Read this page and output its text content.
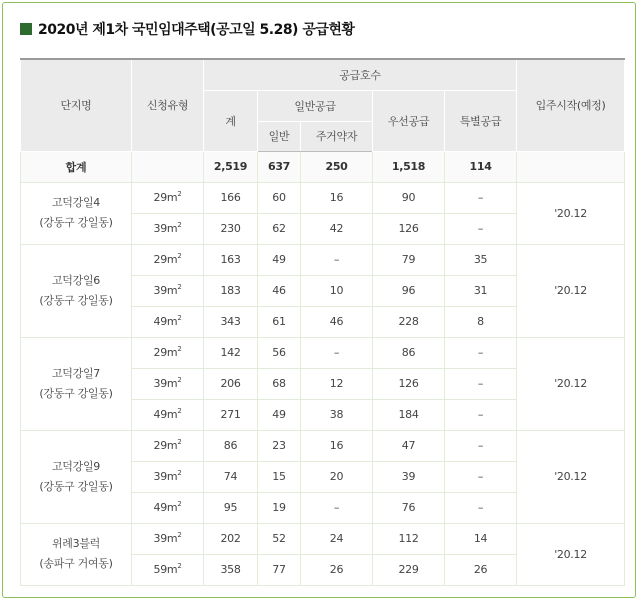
2020년 제1차 국민임대주택(공고일 5.28) 공급현황
단지명	신청유형	공급호수					입주시작(예정)
		계	일반공급		우선공급	특별공급	
			일반	주거약자			
합계		2,519	637	250	1,518	114	
고덕강일4
(강동구 강일동)	$29m^2$	166	60	16	90	–	'20.12
	$39m^2$	230	62	42	126	–	
고덕강일6
(강동구 강일동)	$29m^2$	163	49	–	79	35	'20.12
	$39m^2$	183	46	10	96	31	
	$49m^2$	343	61	46	228	8	
고덕강일7
(강동구 강일동)	$29m^2$	142	56	–	86	–	'20.12
	$39m^2$	206	68	12	126	–	
	$49m^2$	271	49	38	184	–	
고덕강일9
(강동구 강일동)	$29m^2$	86	23	16	47	–	'20.12
	$39m^2$	74	15	20	39	–	
	$49m^2$	95	19	–	76	–	
위례3블럭
(송파구 거여동)	$39m^2$	202	52	24	112	14	'20.12
	$59m^2$	358	77	26	229	26	
